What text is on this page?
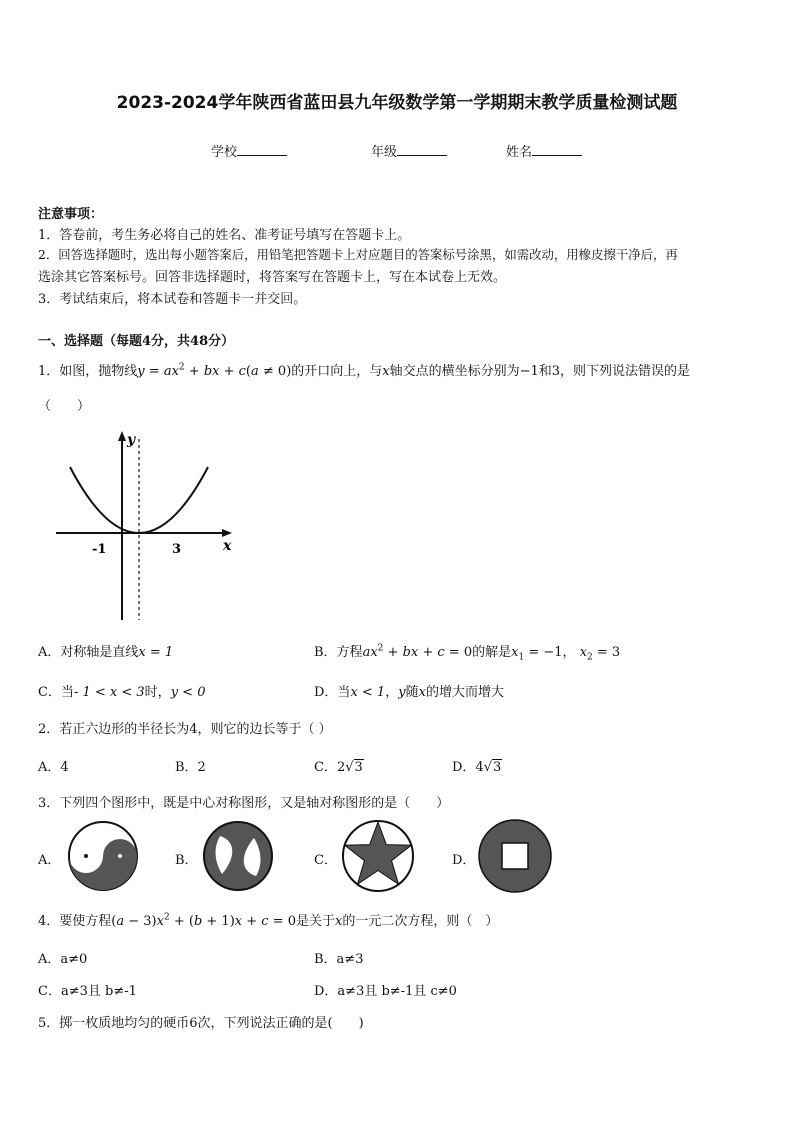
2023-2024学年陕西省蓝田县九年级数学第一学期期末教学质量检测试题
学校	年级	姓名
注意事项：
1．答卷前，考生务必将自己的姓名、准考证号填写在答题卡上。
2．回答选择题时，选出每小题答案后，用铅笔把答题卡上对应题目的答案标号涂黑，如需改动，用橡皮擦干净后，再
选涂其它答案标号。回答非选择题时，将答案写在答题卡上，写在本试卷上无效。
3．考试结束后，将本试卷和答题卡一并交回。
一、选择题（每题4分，共48分）
1．如图，抛物线$y = ax^2$ + bx + c(a ≠ 0)的开口向上，与x轴交点的横坐标分别为−1和3，则下列说法错误的是
（　　）
y
x
-1	3
A．对称轴是直线x = 1	B．方程$ax^2$ + bx + c = 0的解是$x_1 = -1$， $x_2 = 3$
C．当- 1 < x < 3时，y < 0	D．当x < 1，y随x的增大而增大
2．若正六边形的半径长为4，则它的边长等于（ ）
A．4	B．2	C．2√3	D．4√3
3．下列四个图形中，既是中心对称图形，又是轴对称图形的是（　　）
A．	B．	C．	D．
4．要使方程$(a - 3)x^2 + (b + 1)x + c = 0$是关于x的一元二次方程，则（　）
A．a≠0	B．a≠3
C．a≠3且 b≠-1	D．a≠3且 b≠-1且 c≠0
5．掷一枚质地均匀的硬币6次，下列说法正确的是(　　)
